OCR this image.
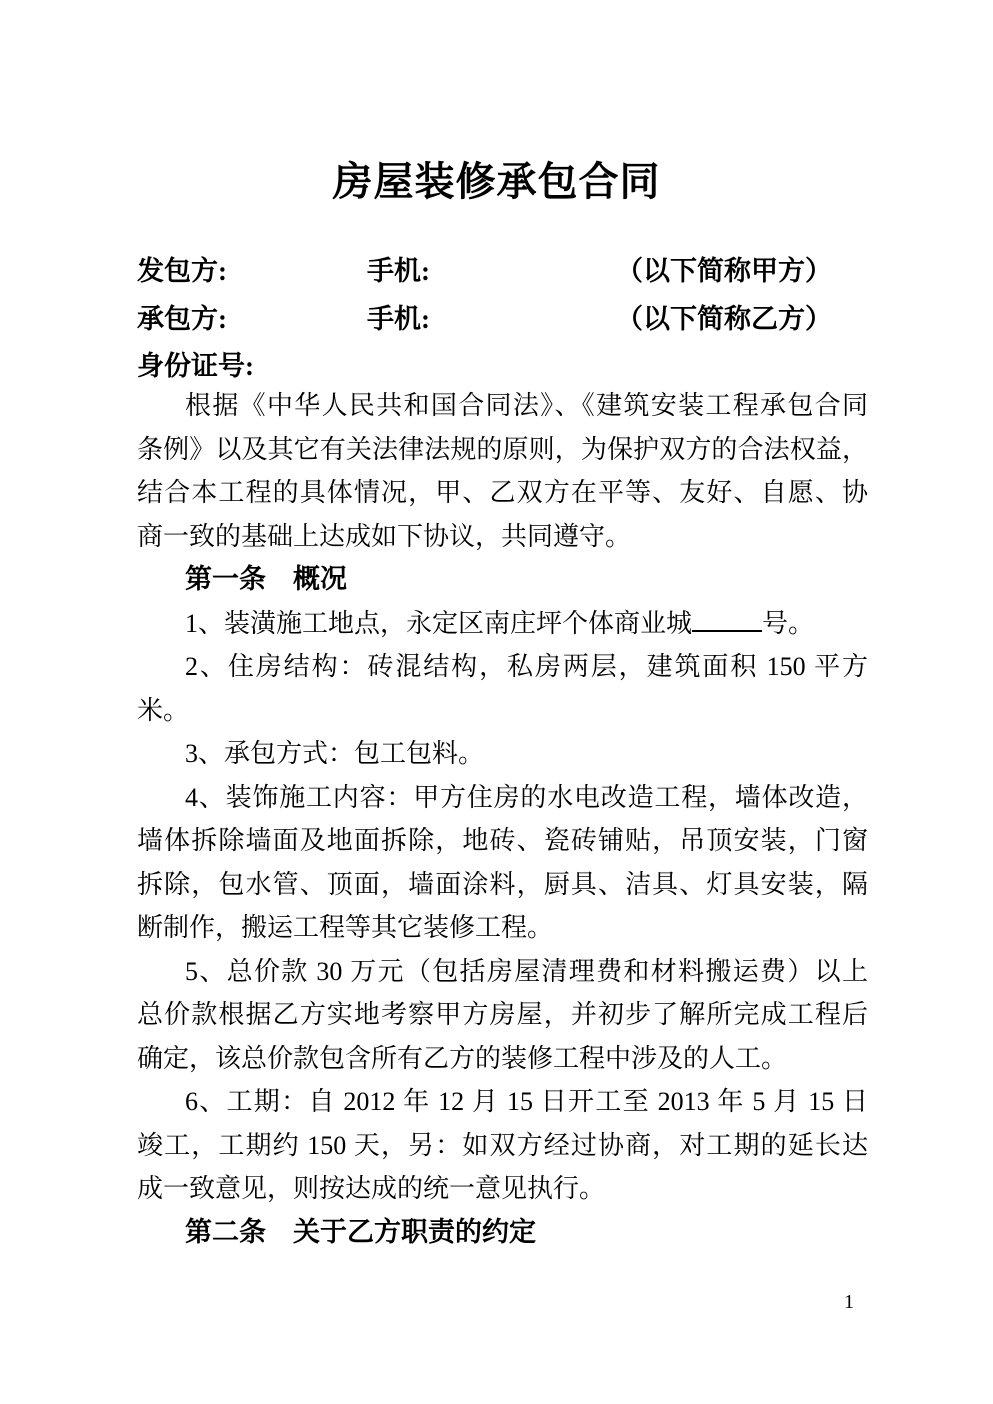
房屋装修承包合同
发包方:	手机:	（以下简称甲方）
承包方:	手机:	（以下简称乙方）
身份证号:
根据《中华人民共和国合同法》、《建筑安装工程承包合同
条例》以及其它有关法律法规的原则，为保护双方的合法权益，
结合本工程的具体情况，甲、乙双方在平等、友好、自愿、协
商一致的基础上达成如下协议，共同遵守。
第一条　概况
1、装潢施工地点，永定区南庄坪个体商业城	号。
2、住房结构：砖混结构，私房两层，建筑面积 150 平方
米。
3、承包方式：包工包料。
4、装饰施工内容：甲方住房的水电改造工程，墙体改造，
墙体拆除墙面及地面拆除，地砖、瓷砖铺贴，吊顶安装，门窗
拆除，包水管、顶面，墙面涂料，厨具、洁具、灯具安装，隔
断制作，搬运工程等其它装修工程。
5、总价款 30 万元（包括房屋清理费和材料搬运费）以上
总价款根据乙方实地考察甲方房屋，并初步了解所完成工程后
确定，该总价款包含所有乙方的装修工程中涉及的人工。
6、工期：自 2012 年 12 月 15 日开工至 2013 年 5 月 15 日
竣工，工期约 150 天，另：如双方经过协商，对工期的延长达
成一致意见，则按达成的统一意见执行。
第二条　关于乙方职责的约定
1
